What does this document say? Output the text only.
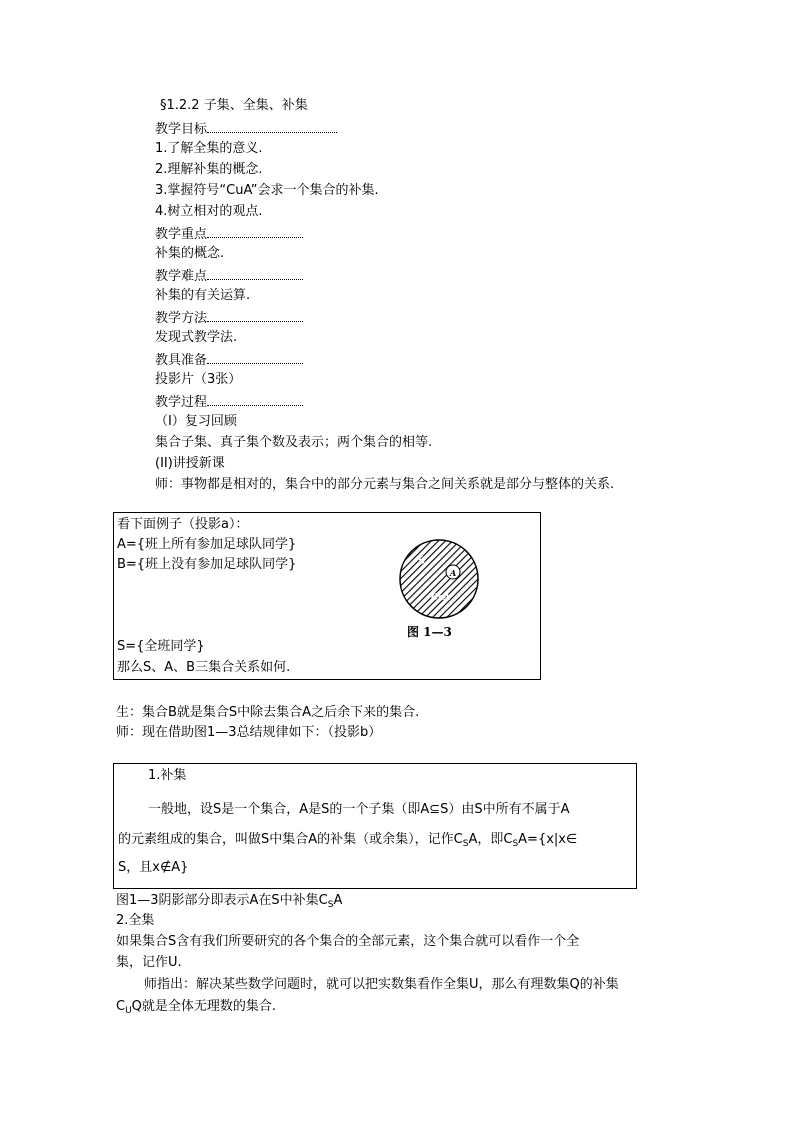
§1.2.2 子集、全集、补集
教学目标
1.了解全集的意义.
2.理解补集的概念.
3.掌握符号“CuA”会求一个集合的补集.
4.树立相对的观点.
教学重点
补集的概念.
教学难点
补集的有关运算.
教学方法
发现式教学法.
教具准备
投影片（3张）
教学过程
（I）复习回顾
集合子集、真子集个数及表示；两个集合的相等.
(II)讲授新课
师：事物都是相对的，集合中的部分元素与集合之间关系就是部分与整体的关系.
看下面例子（投影a）：
A={班上所有参加足球队同学}
B={班上没有参加足球队同学}
S={全班同学}
那么S、A、B三集合关系如何.
S
A
CsA
图 1—3
生：集合B就是集合S中除去集合A之后余下来的集合.
师：现在借助图1—3总结规律如下：（投影b）
1.补集
一般地，设S是一个集合，A是S的一个子集（即A⊆S）由S中所有不属于A
的元素组成的集合，叫做S中集合A的补集（或余集），记作$C_SA$，即$C_SA=\{x|x\in$
S，且x∉A}
图1—3阴影部分即表示A在S中补集$C_SA$
2.全集
如果集合S含有我们所要研究的各个集合的全部元素，这个集合就可以看作一个全
集，记作U.
师指出：解决某些数学问题时，就可以把实数集看作全集U，那么有理数集Q的补集
$C_UQ$就是全体无理数的集合.
